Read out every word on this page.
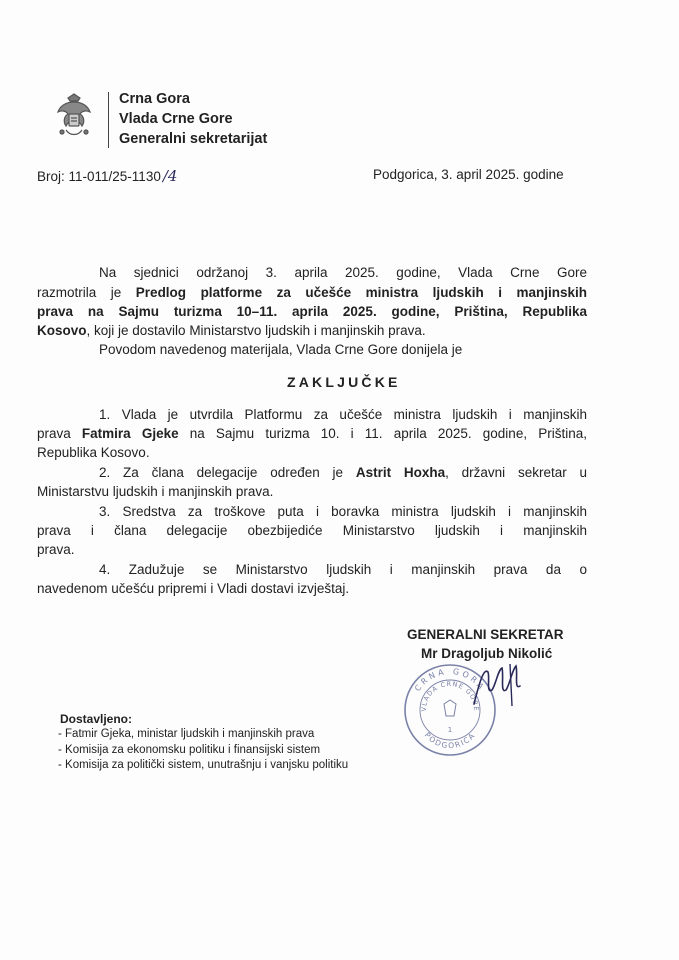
Crna Gora
Vlada Crne Gore
Generalni sekretarijat
Broj: 11-011/25-1130 /4	Podgorica, 3. april 2025. godine
Na sjednici održanoj 3. aprila 2025. godine, Vlada Crne Gore
razmotrila je Predlog platforme za učešće ministra ljudskih i manjinskih
prava na Sajmu turizma 10–11. aprila 2025. godine, Priština, Republika
Kosovo, koji je dostavilo Ministarstvo ljudskih i manjinskih prava.
Povodom navedenog materijala, Vlada Crne Gore donijela je
ZAKLJUČKE
1. Vlada je utvrdila Platformu za učešće ministra ljudskih i manjinskih
prava Fatmira Gjeke na Sajmu turizma 10. i 11. aprila 2025. godine, Priština,
Republika Kosovo.
2. Za člana delegacije određen je Astrit Hoxha, državni sekretar u
Ministarstvu ljudskih i manjinskih prava.
3. Sredstva za troškove puta i boravka ministra ljudskih i manjinskih
prava i člana delegacije obezbijediće Ministarstvo ljudskih i manjinskih
prava.
4. Zadužuje se Ministarstvo ljudskih i manjinskih prava da o
navedenom učešću pripremi i Vladi dostavi izvještaj.
GENERALNI SEKRETAR
Mr Dragoljub Nikolić
CRNA GORA
VLADA CRNE GORE
PODGORICA
1
Dostavljeno:
- Fatmir Gjeka, ministar ljudskih i manjinskih prava
- Komisija za ekonomsku politiku i finansijski sistem
- Komisija za politički sistem, unutrašnju i vanjsku politiku
